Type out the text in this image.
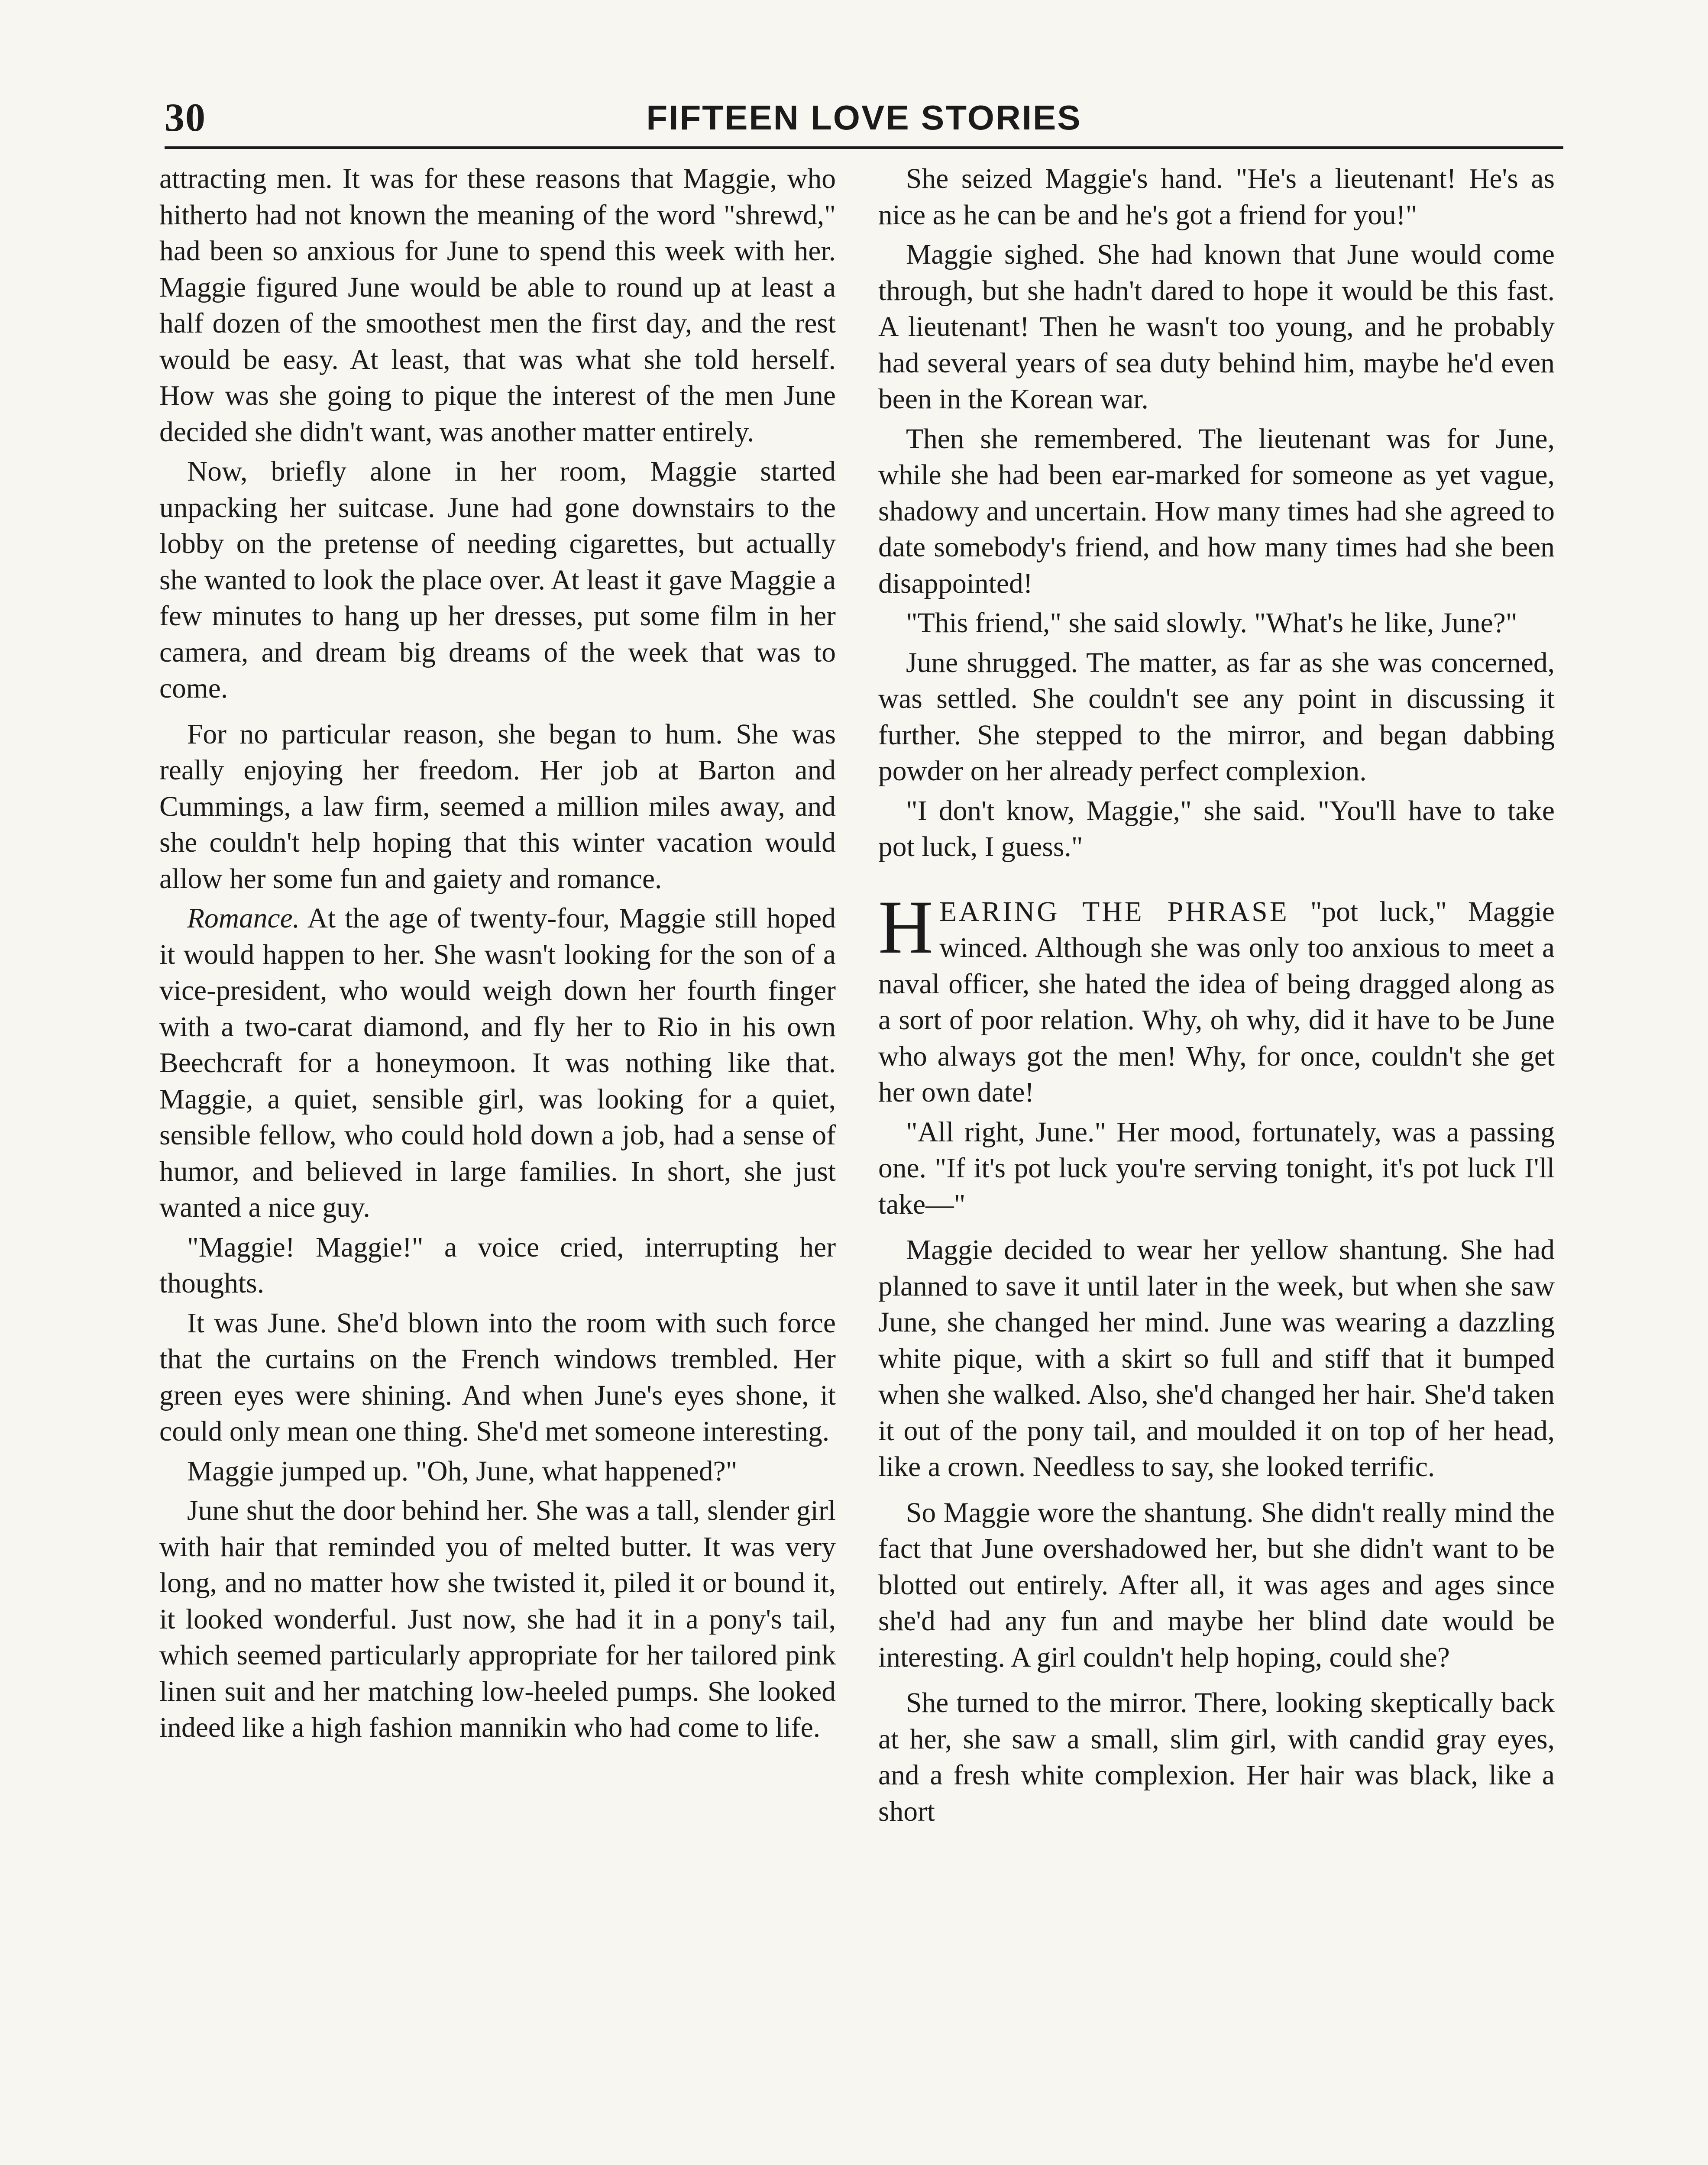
30	FIFTEEN LOVE STORIES

attracting men. It was for these reasons that Maggie, who hitherto had not known the meaning of the word "shrewd," had been so anxious for June to spend this week with her. Maggie figured June would be able to round up at least a half dozen of the smoothest men the first day, and the rest would be easy. At least, that was what she told herself. How was she going to pique the interest of the men June decided she didn't want, was another matter entirely.

Now, briefly alone in her room, Maggie started unpacking her suitcase. June had gone downstairs to the lobby on the pretense of needing cigarettes, but actually she wanted to look the place over. At least it gave Maggie a few minutes to hang up her dresses, put some film in her camera, and dream big dreams of the week that was to come.

For no particular reason, she began to hum. She was really enjoying her freedom. Her job at Barton and Cummings, a law firm, seemed a million miles away, and she couldn't help hoping that this winter vacation would allow her some fun and gaiety and romance.

Romance. At the age of twenty-four, Maggie still hoped it would happen to her. She wasn't looking for the son of a vice-president, who would weigh down her fourth finger with a two-carat diamond, and fly her to Rio in his own Beechcraft for a honeymoon. It was nothing like that. Maggie, a quiet, sensible girl, was looking for a quiet, sensible fellow, who could hold down a job, had a sense of humor, and believed in large families. In short, she just wanted a nice guy.

"Maggie! Maggie!" a voice cried, interrupting her thoughts.

It was June. She'd blown into the room with such force that the curtains on the French windows trembled. Her green eyes were shining. And when June's eyes shone, it could only mean one thing. She'd met someone interesting.

Maggie jumped up. "Oh, June, what happened?"

June shut the door behind her. She was a tall, slender girl with hair that reminded you of melted butter. It was very long, and no matter how she twisted it, piled it or bound it, it looked wonderful. Just now, she had it in a pony's tail, which seemed particularly appropriate for her tailored pink linen suit and her matching low-heeled pumps. She looked indeed like a high fashion mannikin who had come to life.

She seized Maggie's hand. "He's a lieutenant! He's as nice as he can be and he's got a friend for you!"

Maggie sighed. She had known that June would come through, but she hadn't dared to hope it would be this fast. A lieutenant! Then he wasn't too young, and he probably had several years of sea duty behind him, maybe he'd even been in the Korean war.

Then she remembered. The lieutenant was for June, while she had been ear-marked for someone as yet vague, shadowy and uncertain. How many times had she agreed to date somebody's friend, and how many times had she been disappointed!

"This friend," she said slowly. "What's he like, June?"

June shrugged. The matter, as far as she was concerned, was settled. She couldn't see any point in discussing it further. She stepped to the mirror, and began dabbing powder on her already perfect complexion.

"I don't know, Maggie," she said. "You'll have to take pot luck, I guess."

HEARING THE PHRASE "pot luck," Maggie winced. Although she was only too anxious to meet a naval officer, she hated the idea of being dragged along as a sort of poor relation. Why, oh why, did it have to be June who always got the men! Why, for once, couldn't she get her own date!

"All right, June." Her mood, fortunately, was a passing one. "If it's pot luck you're serving tonight, it's pot luck I'll take—"

Maggie decided to wear her yellow shantung. She had planned to save it until later in the week, but when she saw June, she changed her mind. June was wearing a dazzling white pique, with a skirt so full and stiff that it bumped when she walked. Also, she'd changed her hair. She'd taken it out of the pony tail, and moulded it on top of her head, like a crown. Needless to say, she looked terrific.

So Maggie wore the shantung. She didn't really mind the fact that June overshadowed her, but she didn't want to be blotted out entirely. After all, it was ages and ages since she'd had any fun and maybe her blind date would be interesting. A girl couldn't help hoping, could she?

She turned to the mirror. There, looking skeptically back at her, she saw a small, slim girl, with candid gray eyes, and a fresh white complexion. Her hair was black, like a short
